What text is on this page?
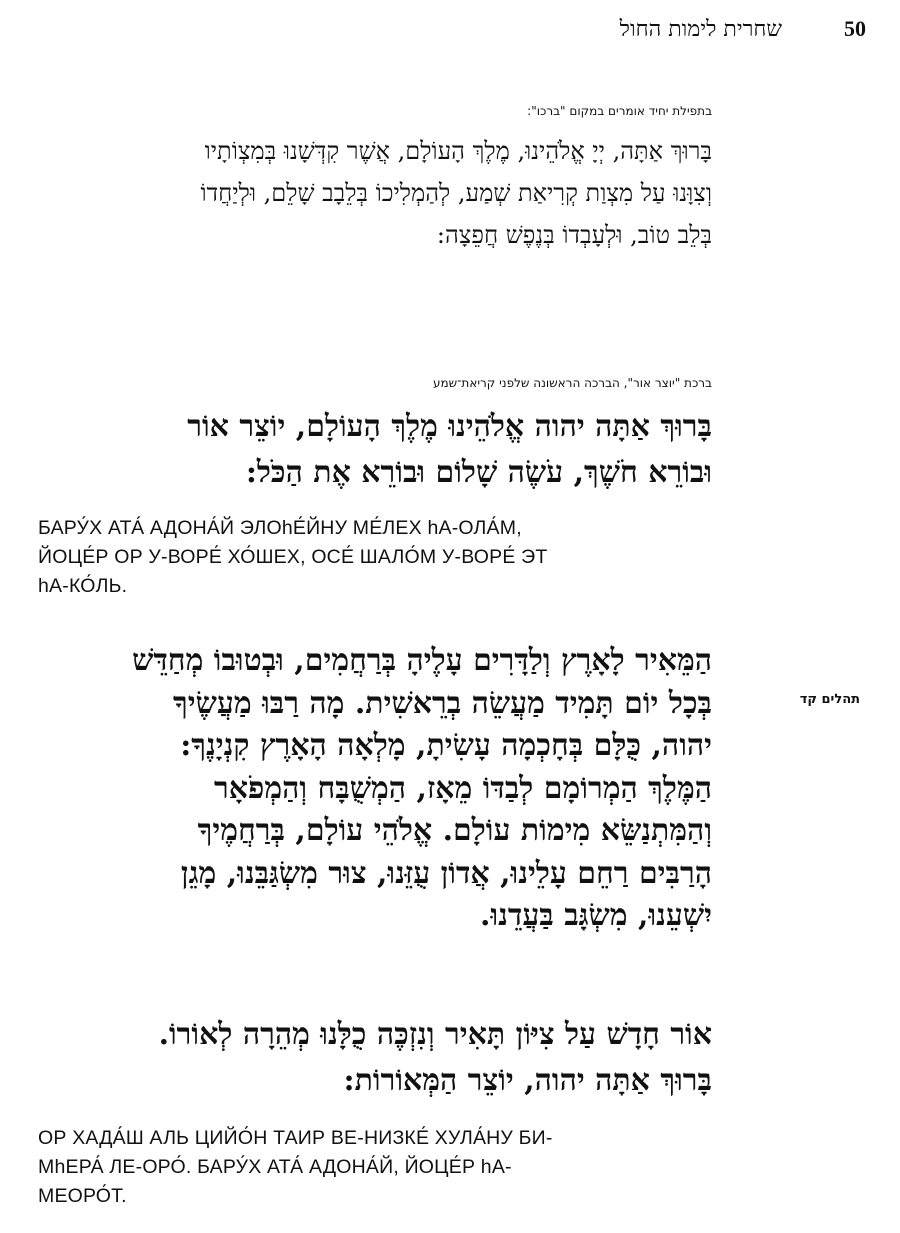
50
שחרית לימות החול
בתפילת יחיד אומרים במקום "ברכו":
בָּרוּךְ אַתָּה, יְיָ אֱלֹהֵינוּ, מֶלֶךְ הָעוֹלָם, אֲשֶׁר קִדְּשָׁנוּ בְּמִצְוֹתָיו
וְצִוָּנוּ עַל מִצְוַת קְרִיאַת שְׁמַע, לְהַמְלִיכוֹ בְּלֵבָב שָׁלֵם, וּלְיַחֲדוֹ
בְּלֵב טוֹב, וּלְעָבְדוֹ בְּנֶפֶשׁ חֲפֵצָה:
ברכת "יוצר אור", הברכה הראשונה שלפני קריאת־שמע
בָּרוּךְ אַתָּה יהוה אֱלֹהֵינוּ מֶלֶךְ הָעוֹלָם, יוֹצֵר אוֹר
וּבוֹרֵא חֹשֶׁךְ, עֹשֶׂה שָׁלוֹם וּבוֹרֵא אֶת הַכֹּל:
БАРУ́Х АТА́ АДОНА́Й ЭЛОhЕ́ЙНУ МЕ́ЛЕХ hА-ОЛА́М,
ЙОЦЕ́Р ОР У-ВОРЕ́ ХО́ШЕХ, ОСЕ́ ШАЛО́М У-ВОРЕ́ ЭТ
hА-КО́ЛЬ.
תהלים קד
הַמֵּאִיר לָאָרֶץ וְלַדָּרִים עָלֶיהָ בְּרַחֲמִים, וּבְטוּבוֹ מְחַדֵּשׁ
בְּכָל יוֹם תָּמִיד מַעֲשֵׂה בְרֵאשִׁית. מָה רַבּוּ מַעֲשֶׂיךָ
יהוה, כֻּלָּם בְּחָכְמָה עָשִׂיתָ, מָלְאָה הָאָרֶץ קִנְיָנֶךָ:
הַמֶּלֶךְ הַמְרוֹמָם לְבַדּוֹ מֵאָז, הַמְשֻׁבָּח וְהַמְפֹאָר
וְהַמִּתְנַשֵּׂא מִימוֹת עוֹלָם. אֱלֹהֵי עוֹלָם, בְּרַחֲמֶיךָ
הָרַבִּים רַחֵם עָלֵינוּ, אֲדוֹן עֻזֵּנוּ, צוּר מִשְׂגַּבֵּנוּ, מָגֵן
יִשְׁעֵנוּ, מִשְׂגָּב בַּעֲדֵנוּ.
אוֹר חָדָשׁ עַל צִיּוֹן תָּאִיר וְנִזְכֶּה כֻלָּנוּ מְהֵרָה לְאוֹרוֹ.
בָּרוּךְ אַתָּה יהוה, יוֹצֵר הַמְּאוֹרוֹת:
ОР ХАДА́Ш АЛЬ ЦИЙО́Н ТАИР ВЕ-НИЗКЕ́ ХУЛА́НУ БИ-
МhЕРА́ ЛЕ-ОРО́. БАРУ́Х АТА́ АДОНА́Й, ЙОЦЕ́Р hА-
МЕОРО́Т.
